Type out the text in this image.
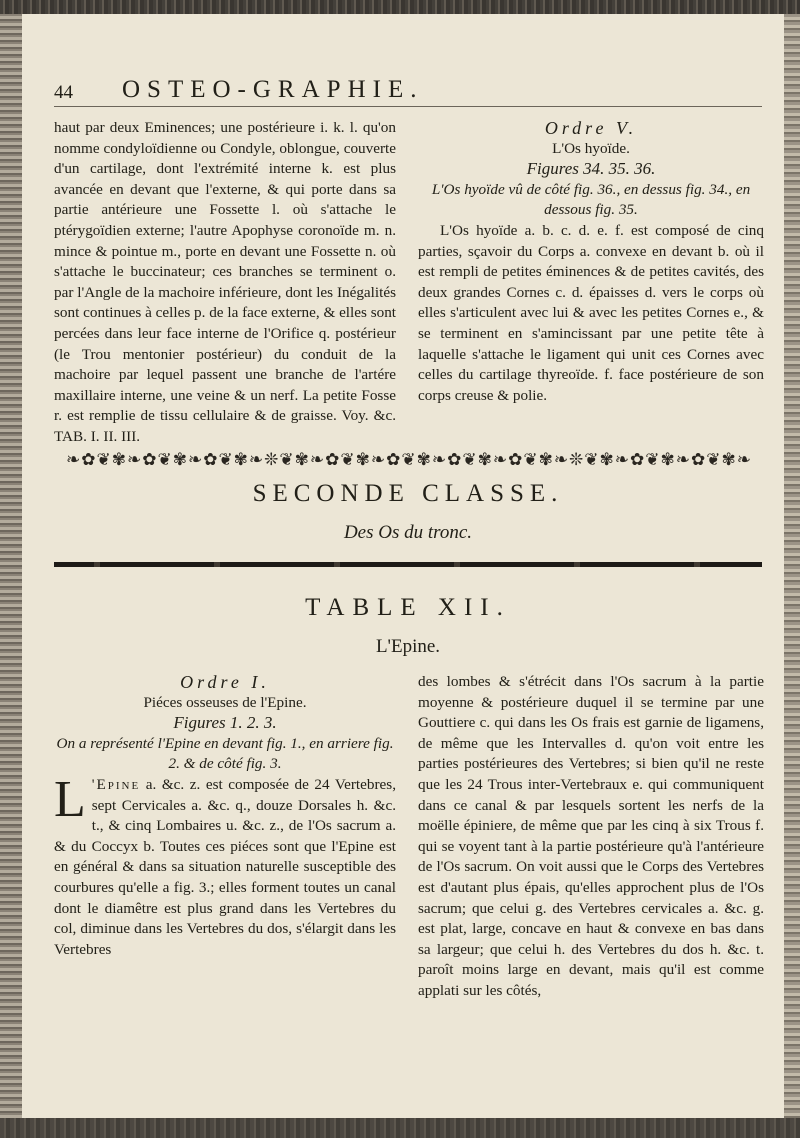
44 OSTEO-GRAPHIE.

haut par deux Eminences; une postérieure i. k. l. qu'on nomme condyloïdienne ou Condyle, oblongue, couverte d'un cartilage, dont l'extrémité interne k. est plus avancée en devant que l'externe, & qui porte dans sa partie antérieure une Fossette l. où s'attache le ptérygoïdien externe; l'autre Apophyse coronoïde m. n. mince & pointue m., porte en devant une Fossette n. où s'attache le buccinateur; ces branches se terminent o. par l'Angle de la machoire inférieure, dont les Inégalités sont continues à celles p. de la face externe, & elles sont percées dans leur face interne de l'Orifice q. postérieur (le Trou mentonier postérieur) du conduit de la machoire par lequel passent une branche de l'artére maxillaire interne, une veine & un nerf. La petite Fosse r. est remplie de tissu cellulaire & de graisse. Voy. &c. TAB. I. II. III.

Ordre V.

L'Os hyoïde.

Figures 34. 35. 36.

L'Os hyoïde vû de côté fig. 36., en dessus fig. 34., en dessous fig. 35.

L'Os hyoïde a. b. c. d. e. f. est composé de cinq parties, sçavoir du Corps a. convexe en devant b. où il est rempli de petites éminences & de petites cavités, des deux grandes Cornes c. d. épaisses d. vers le corps où elles s'articulent avec lui & avec les petites Cornes e., & se terminent en s'amincissant par une petite tête à laquelle s'attache le ligament qui unit ces Cornes avec celles du cartilage thyreoïde. f. face postérieure de son corps creuse & polie.

❧✿❦✾❧✿❦✾❧✿❦✾❧❊❦✾❧✿❦✾❧✿❦✾❧✿❦✾❧✿❦✾❧❊❦✾❧✿❦✾❧✿❦✾❧
SECONDE CLASSE.
Des Os du tronc.
TABLE XII.
L'Epine.

Ordre I.

Piéces osseuses de l'Epine.

Figures 1. 2. 3.

On a représenté l'Epine en devant fig. 1., en arriere fig. 2. & de côté fig. 3.

L 'Epine a. &c. z. est composée de 24 Vertebres, sept Cervicales a. &c. q., douze Dorsales h. &c. t., & cinq Lombaires u. &c. z., de l'Os sacrum a. & du Coccyx b. Toutes ces piéces sont que l'Epine est en général & dans sa situation naturelle susceptible des courbures qu'elle a fig. 3.; elles forment toutes un canal dont le diamêtre est plus grand dans les Vertebres du col, diminue dans les Vertebres du dos, s'élargit dans les Vertebres

des lombes & s'étrécit dans l'Os sacrum à la partie moyenne & postérieure duquel il se termine par une Gouttiere c. qui dans les Os frais est garnie de ligamens, de même que les Intervalles d. qu'on voit entre les parties postérieures des Vertebres; si bien qu'il ne reste que les 24 Trous inter-Vertebraux e. qui communiquent dans ce canal & par lesquels sortent les nerfs de la moëlle épiniere, de même que par les cinq à six Trous f. qui se voyent tant à la partie postérieure qu'à l'antérieure de l'Os sacrum. On voit aussi que le Corps des Vertebres est d'autant plus épais, qu'elles approchent plus de l'Os sacrum; que celui g. des Vertebres cervicales a. &c. g. est plat, large, concave en haut & convexe en bas dans sa largeur; que celui h. des Vertebres du dos h. &c. t. paroît moins large en devant, mais qu'il est comme applati sur les côtés,
